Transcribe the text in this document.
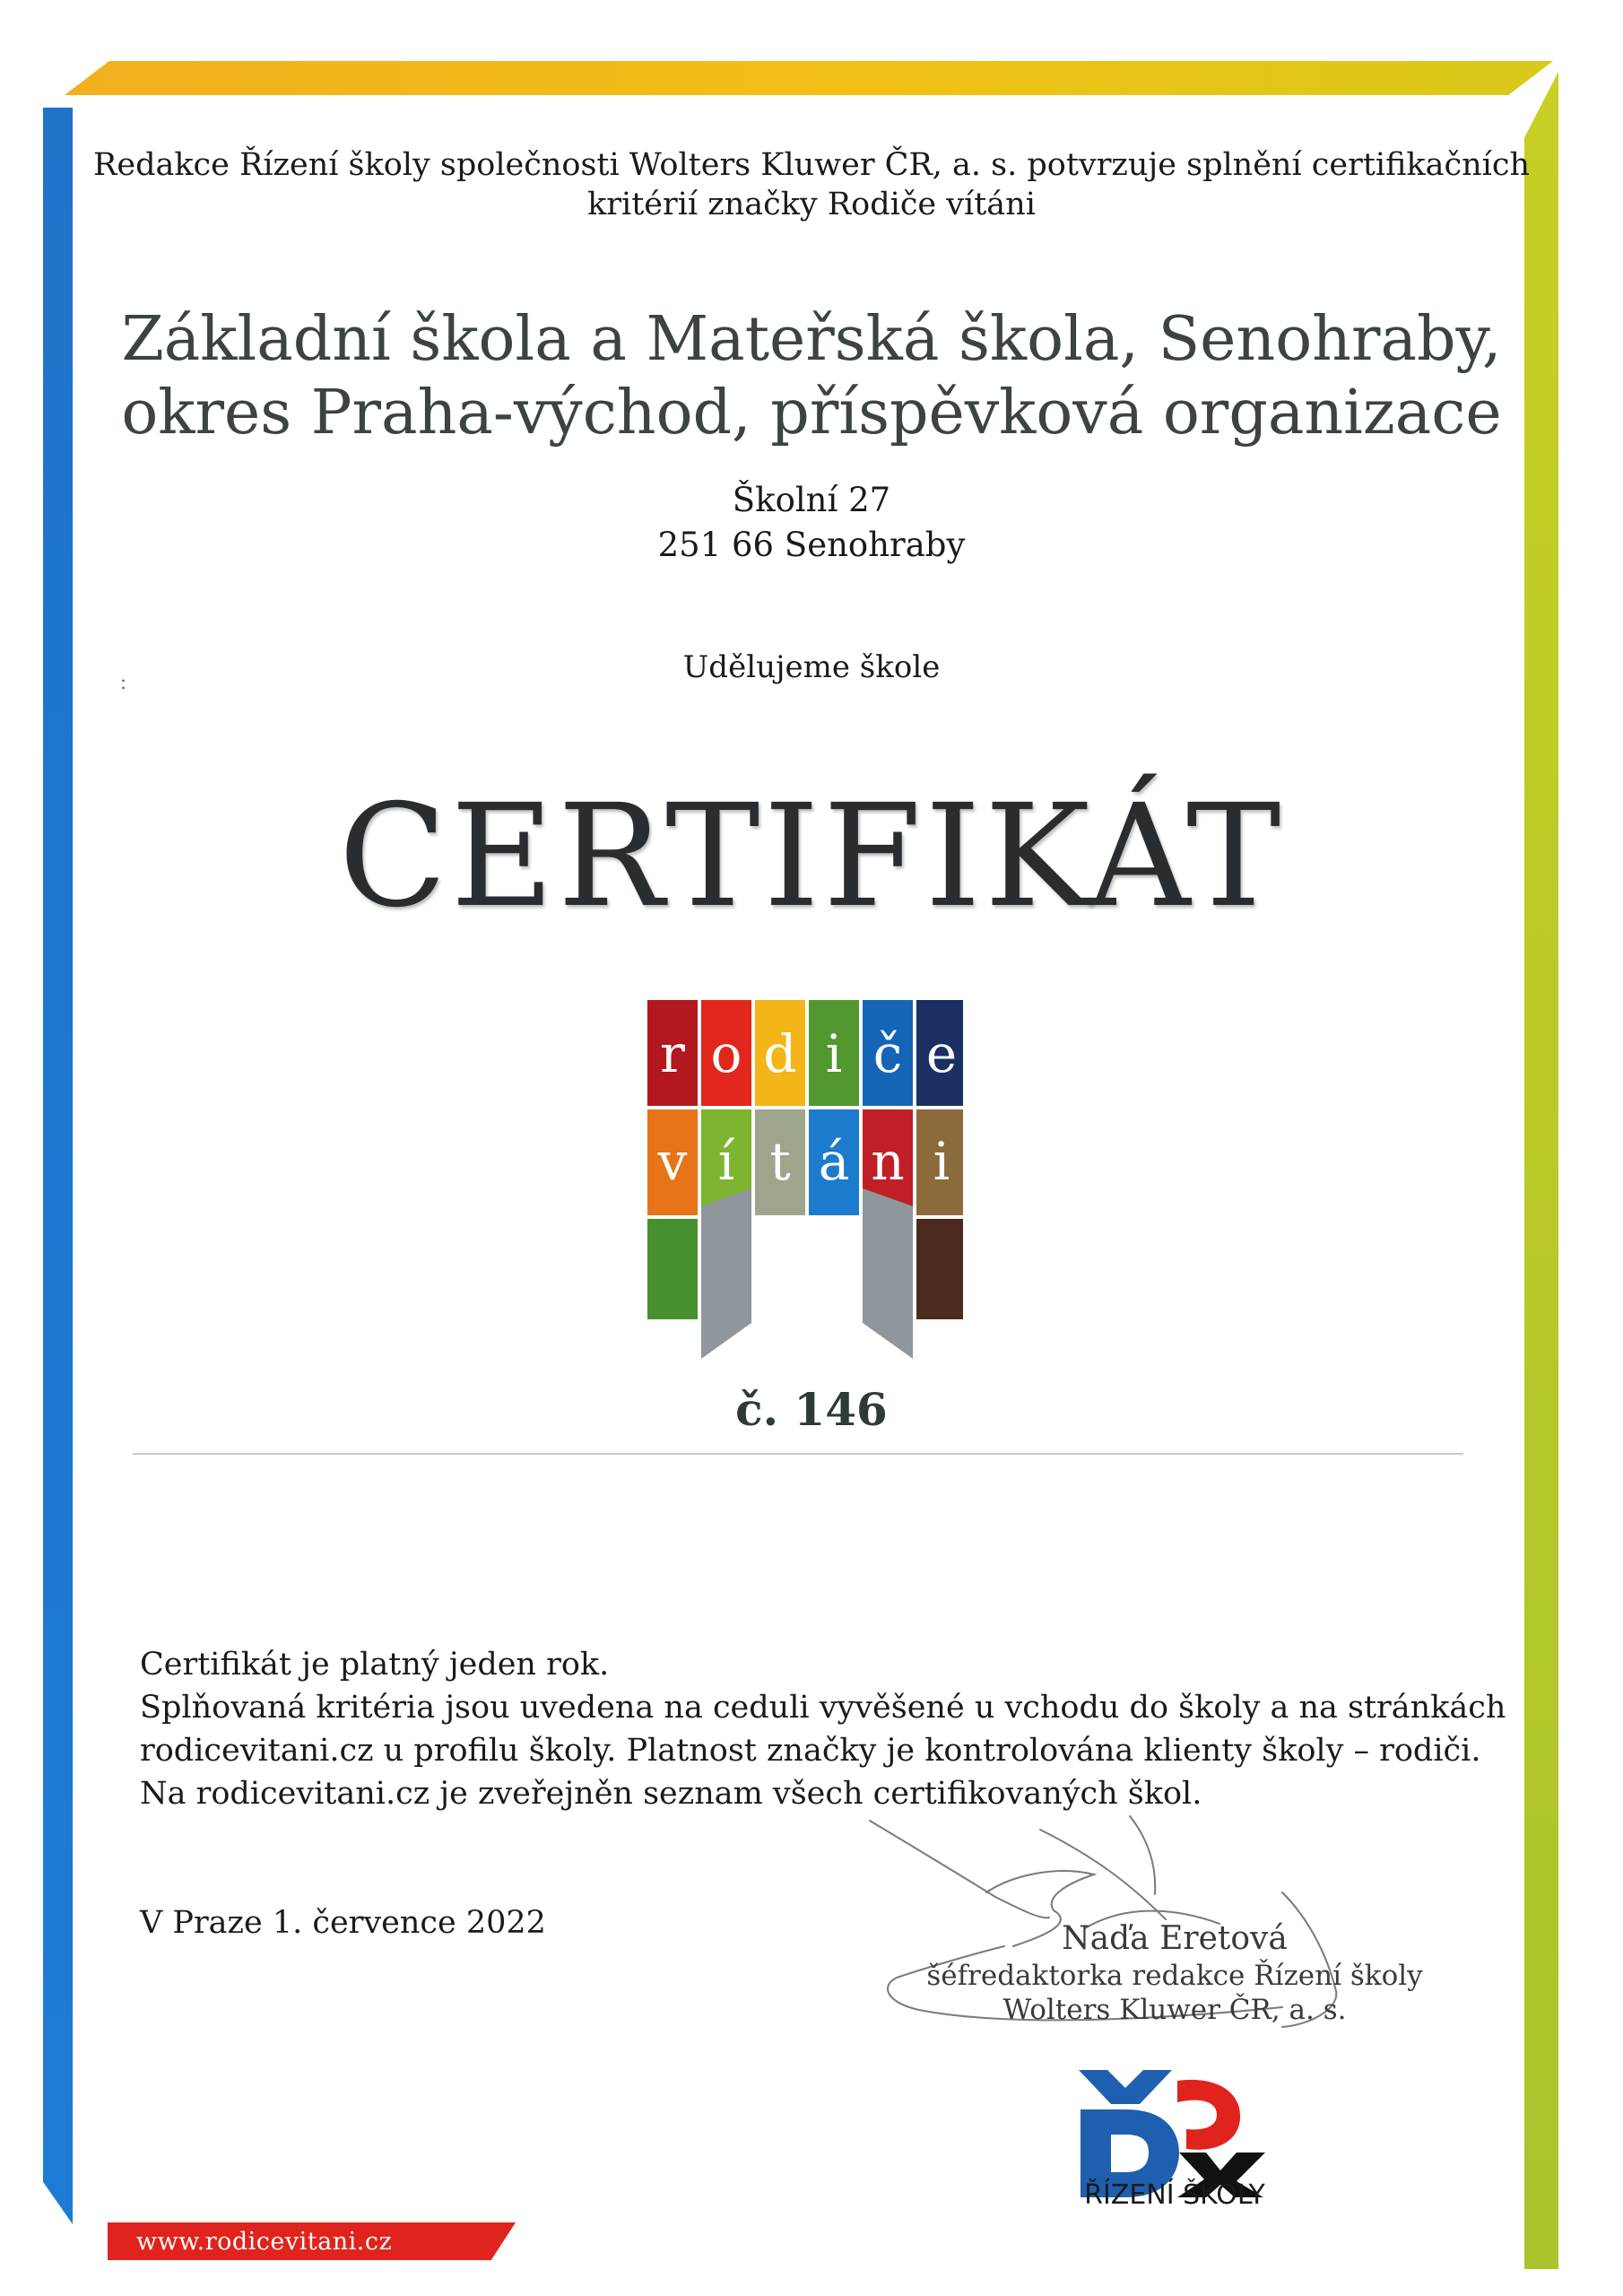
www.rodicevitani.cz
Redakce Řízení školy společnosti Wolters Kluwer ČR, a. s. potvrzuje splnění certifikačních
kritérií značky Rodiče vítáni
Základní škola a Mateřská škola, Senohraby,
okres Praha-východ, příspěvková organizace
Školní 27
251 66 Senohraby
Udělujeme škole
CERTIFIKÁT
r
v
o
í
d
t
i
á
č
n
e
i
č. 146
Certifikát je platný jeden rok.
Splňovaná kritéria jsou uvedena na ceduli vyvěšené u vchodu do školy a na stránkách
rodicevitani.cz u profilu školy. Platnost značky je kontrolována klienty školy – rodiči.
Na rodicevitani.cz je zveřejněn seznam všech certifikovaných škol.
V Praze 1. července 2022	Naďa Eretová
šéfredaktorka redakce Řízení školy
Wolters Kluwer ČR, a. s.
ŘÍZENÍ ŠKOLY
